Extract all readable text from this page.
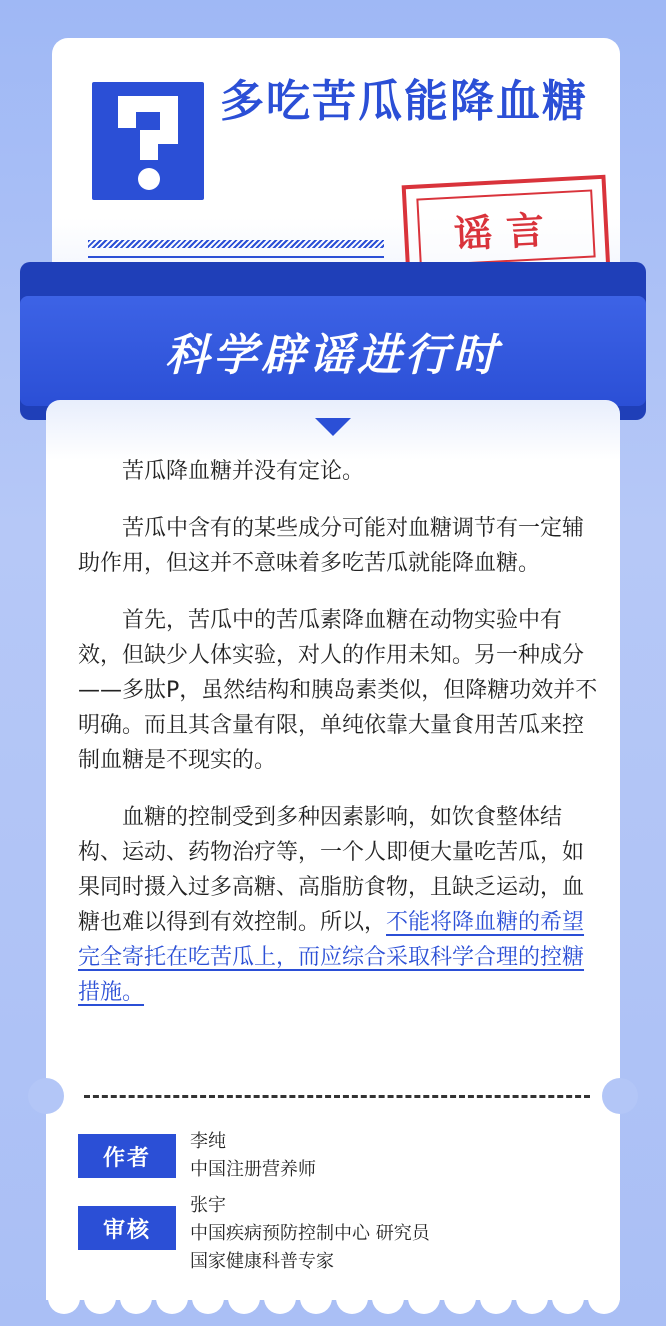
多吃苦瓜能降血糖
谣言
科学辟谣进行时

苦瓜降血糖并没有定论。

苦瓜中含有的某些成分可能对血糖调节有一定辅助作用，但这并不意味着多吃苦瓜就能降血糖。

首先，苦瓜中的苦瓜素降血糖在动物实验中有效，但缺少人体实验，对人的作用未知。另一种成分——多肽P，虽然结构和胰岛素类似，但降糖功效并不明确。而且其含量有限，单纯依靠大量食用苦瓜来控制血糖是不现实的。

血糖的控制受到多种因素影响，如饮食整体结构、运动、药物治疗等，一个人即便大量吃苦瓜，如果同时摄入过多高糖、高脂肪食物，且缺乏运动，血糖也难以得到有效控制。所以，不能将降血糖的希望完全寄托在吃苦瓜上，而应综合采取科学合理的控糖措施。

作者
李纯
中国注册营养师
审核
张宇
中国疾病预防控制中心 研究员
国家健康科普专家
